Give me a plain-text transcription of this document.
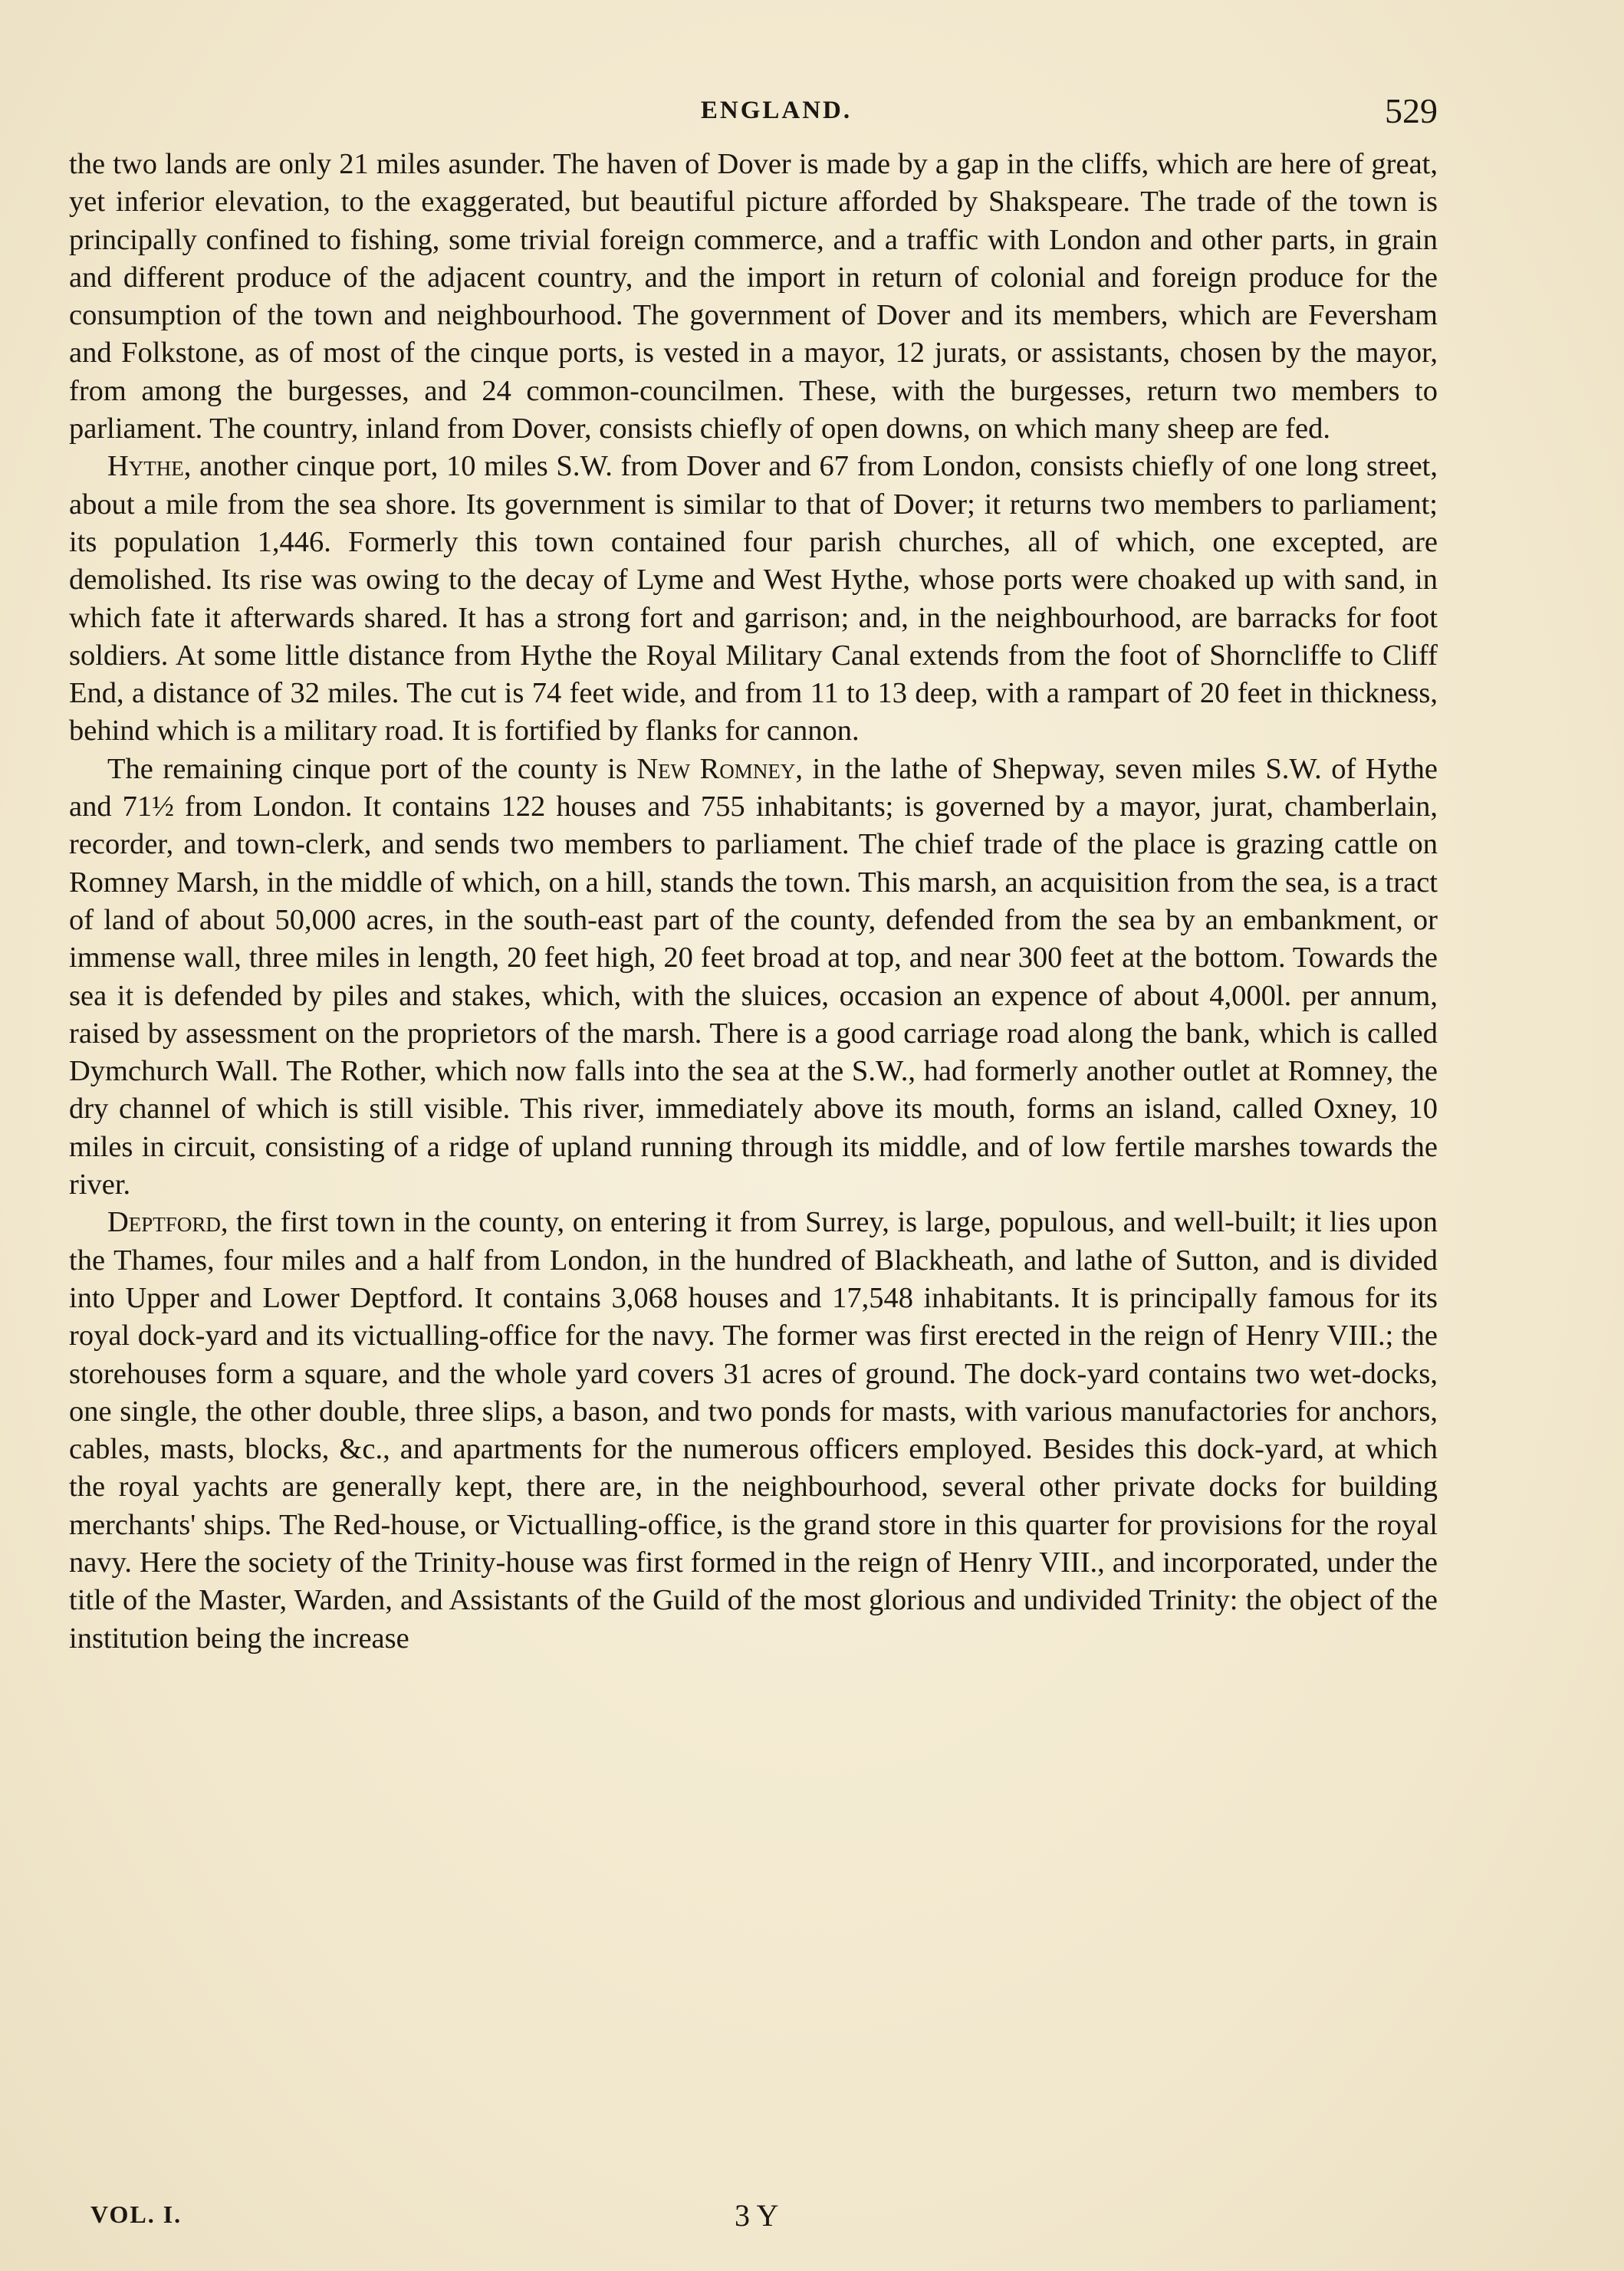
ENGLAND.	529

the two lands are only 21 miles asunder. The haven of Dover is made by a gap in the cliffs, which are here of great, yet inferior elevation, to the exaggerated, but beautiful picture afforded by Shakspeare. The trade of the town is principally confined to fishing, some trivial foreign commerce, and a traffic with London and other parts, in grain and different produce of the adjacent country, and the import in return of colonial and foreign produce for the consumption of the town and neighbourhood. The government of Dover and its members, which are Feversham and Folkstone, as of most of the cinque ports, is vested in a mayor, 12 jurats, or assistants, chosen by the mayor, from among the burgesses, and 24 common-councilmen. These, with the burgesses, return two members to parliament. The country, inland from Dover, consists chiefly of open downs, on which many sheep are fed.

Hythe, another cinque port, 10 miles S.W. from Dover and 67 from London, consists chiefly of one long street, about a mile from the sea shore. Its government is similar to that of Dover; it returns two members to parliament; its population 1,446. Formerly this town contained four parish churches, all of which, one excepted, are demolished. Its rise was owing to the decay of Lyme and West Hythe, whose ports were choaked up with sand, in which fate it afterwards shared. It has a strong fort and garrison; and, in the neighbourhood, are barracks for foot soldiers. At some little distance from Hythe the Royal Military Canal extends from the foot of Shorncliffe to Cliff End, a distance of 32 miles. The cut is 74 feet wide, and from 11 to 13 deep, with a rampart of 20 feet in thickness, behind which is a military road. It is fortified by flanks for cannon.

The remaining cinque port of the county is New Romney, in the lathe of Shepway, seven miles S.W. of Hythe and 71½ from London. It contains 122 houses and 755 inhabitants; is governed by a mayor, jurat, chamberlain, recorder, and town-clerk, and sends two members to parliament. The chief trade of the place is grazing cattle on Romney Marsh, in the middle of which, on a hill, stands the town. This marsh, an acquisition from the sea, is a tract of land of about 50,000 acres, in the south-east part of the county, defended from the sea by an embankment, or immense wall, three miles in length, 20 feet high, 20 feet broad at top, and near 300 feet at the bottom. Towards the sea it is defended by piles and stakes, which, with the sluices, occasion an expence of about 4,000l. per annum, raised by assessment on the proprietors of the marsh. There is a good carriage road along the bank, which is called Dymchurch Wall. The Rother, which now falls into the sea at the S.W., had formerly another outlet at Romney, the dry channel of which is still visible. This river, immediately above its mouth, forms an island, called Oxney, 10 miles in circuit, consisting of a ridge of upland running through its middle, and of low fertile marshes towards the river.

Deptford, the first town in the county, on entering it from Surrey, is large, populous, and well-built; it lies upon the Thames, four miles and a half from London, in the hundred of Blackheath, and lathe of Sutton, and is divided into Upper and Lower Deptford. It contains 3,068 houses and 17,548 inhabitants. It is principally famous for its royal dock-yard and its victualling-office for the navy. The former was first erected in the reign of Henry VIII.; the storehouses form a square, and the whole yard covers 31 acres of ground. The dock-yard contains two wet-docks, one single, the other double, three slips, a bason, and two ponds for masts, with various manufactories for anchors, cables, masts, blocks, &c., and apartments for the numerous officers employed. Besides this dock-yard, at which the royal yachts are generally kept, there are, in the neighbourhood, several other private docks for building merchants' ships. The Red-house, or Victualling-office, is the grand store in this quarter for provisions for the royal navy. Here the society of the Trinity-house was first formed in the reign of Henry VIII., and incorporated, under the title of the Master, Warden, and Assistants of the Guild of the most glorious and undivided Trinity: the object of the institution being the increase

VOL. I.	3 Y
